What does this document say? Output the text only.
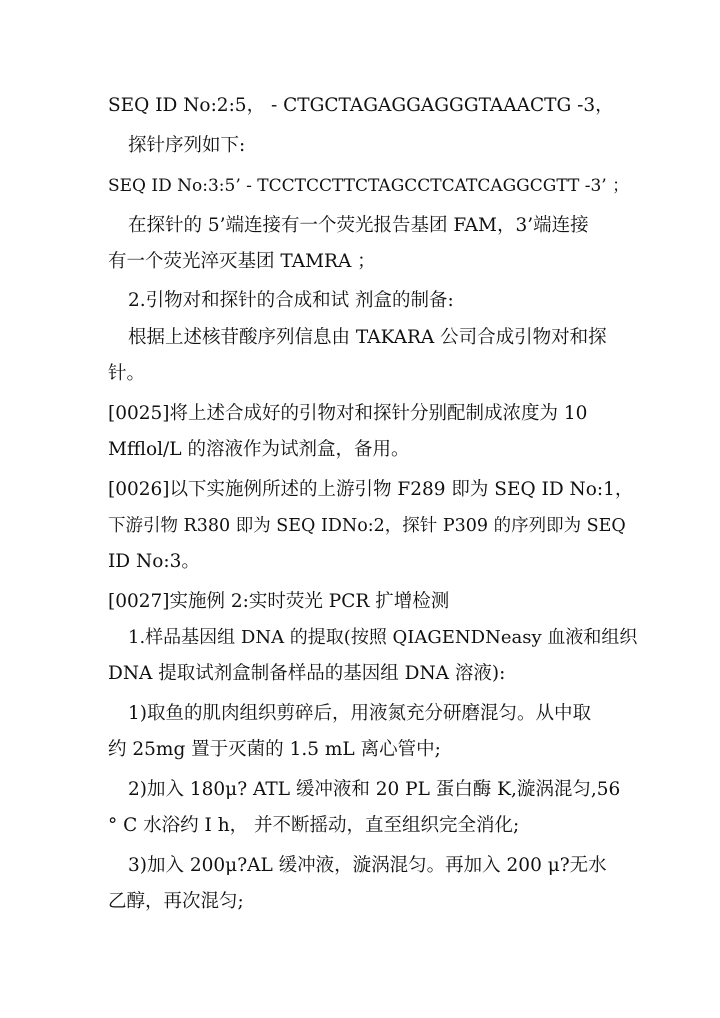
SEQ ID No:2:5， - CTGCTAGAGGAGGGTAAACTG -3，
探针序列如下:
SEQ ID No:3:5’ - TCCTCCTTCTAGCCTCATCAGGCGTT -3’ ；
在探针的 5’端连接有一个荧光报告基团 FAM，3’端连接
有一个荧光淬灭基团 TAMRA ；
2.引物对和探针的合成和试 剂盒的制备:
根据上述核苷酸序列信息由 TAKARA 公司合成引物对和探
针。
[0025]将上述合成好的引物对和探针分别配制成浓度为 10
Mfflol/L 的溶液作为试剂盒，备用。
[0026]以下实施例所述的上游引物 F289 即为 SEQ ID No:1，
下游引物 R380 即为 SEQ IDNo:2，探针 P309 的序列即为 SEQ
ID No:3。
[0027]实施例 2:实时荧光 PCR 扩增检测
1.样品基因组 DNA 的提取(按照 QIAGENDNeasy 血液和组织
DNA 提取试剂盒制备样品的基因组 DNA 溶液):
1)取鱼的肌肉组织剪碎后，用液氮充分研磨混匀。从中取
约 25mg 置于灭菌的 1.5 mL 离心管中;
2)加入 180μ? ATL 缓冲液和 20 PL 蛋白酶 K,漩涡混匀,56
° C 水浴约 I h， 并不断摇动，直至组织完全消化;
3)加入 200μ?AL 缓冲液，漩涡混匀。再加入 200 μ?无水
乙醇，再次混匀;
